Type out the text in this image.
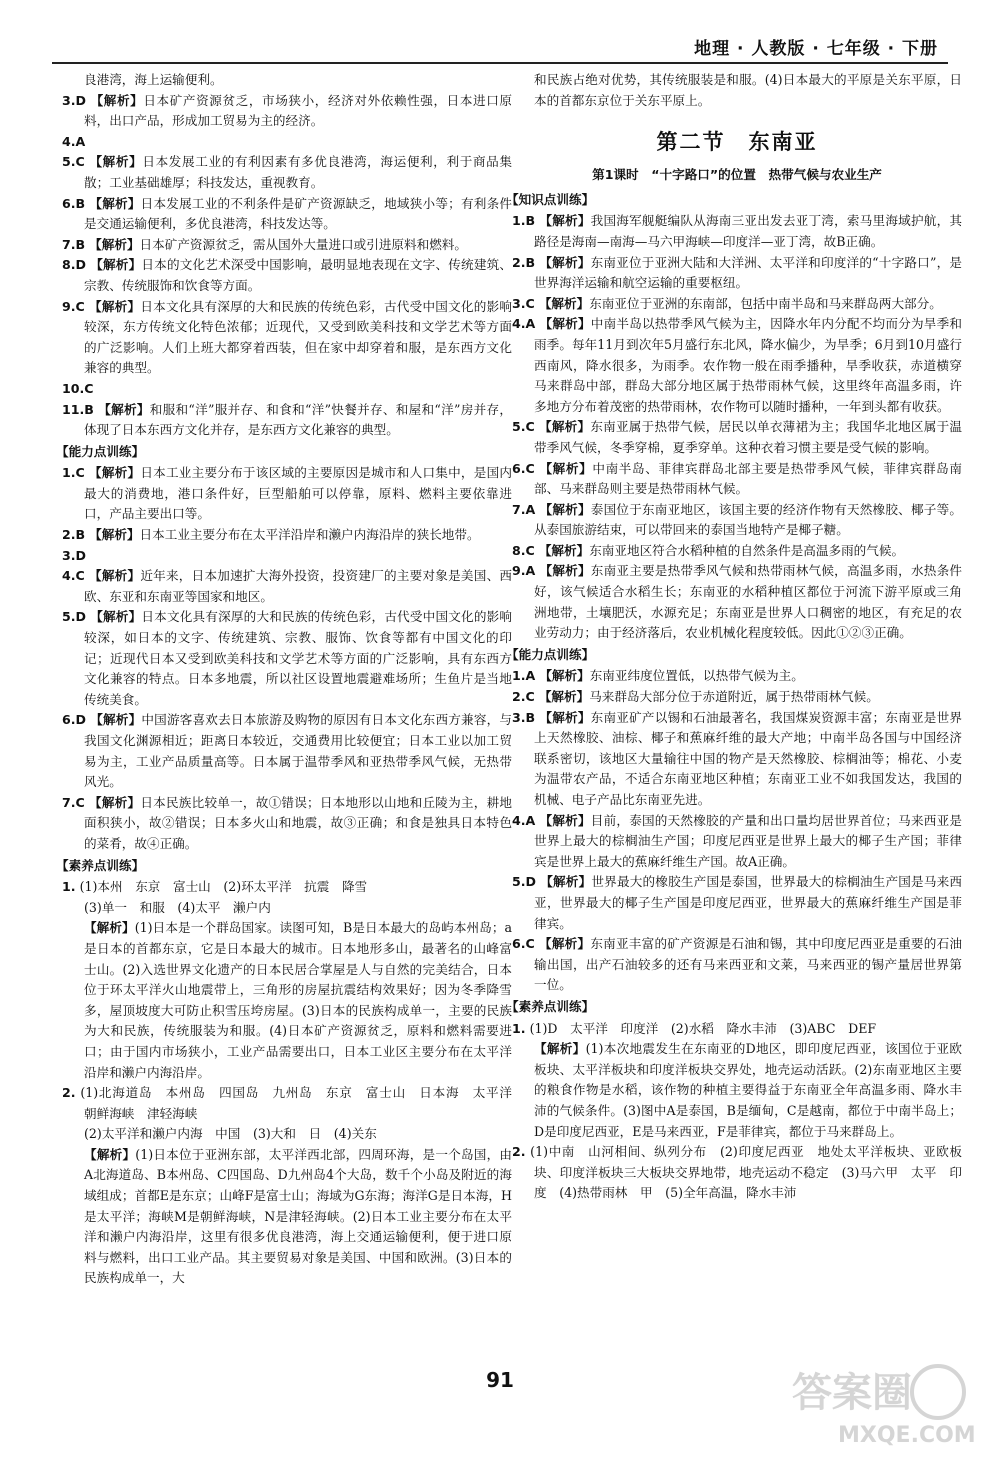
地理 · 人教版 · 七年级 · 下册

良港湾，海上运输便利。

3.D 【解析】日本矿产资源贫乏，市场狭小，经济对外依赖性强，日本进口原料，出口产品，形成加工贸易为主的经济。

4.A

5.C 【解析】日本发展工业的有利因素有多优良港湾，海运便利，利于商品集散；工业基础雄厚；科技发达，重视教育。

6.B 【解析】日本发展工业的不利条件是矿产资源缺乏，地域狭小等；有利条件是交通运输便利，多优良港湾，科技发达等。

7.B 【解析】日本矿产资源贫乏，需从国外大量进口或引进原料和燃料。

8.D 【解析】日本的文化艺术深受中国影响，最明显地表现在文字、传统建筑、宗教、传统服饰和饮食等方面。

9.C 【解析】日本文化具有深厚的大和民族的传统色彩，古代受中国文化的影响较深，东方传统文化特色浓郁；近现代，又受到欧美科技和文学艺术等方面的广泛影响。人们上班大都穿着西装，但在家中却穿着和服，是东西方文化兼容的典型。

10.C

11.B 【解析】和服和“洋”服并存、和食和“洋”快餐并存、和屋和“洋”房并存，体现了日本东西方文化并存，是东西方文化兼容的典型。

【能力点训练】

1.C 【解析】日本工业主要分布于该区域的主要原因是城市和人口集中，是国内最大的消费地，港口条件好，巨型船舶可以停靠，原料、燃料主要依靠进口，产品主要出口等。

2.B 【解析】日本工业主要分布在太平洋沿岸和濑户内海沿岸的狭长地带。

3.D

4.C 【解析】近年来，日本加速扩大海外投资，投资建厂的主要对象是美国、西欧、东亚和东南亚等国家和地区。

5.D 【解析】日本文化具有深厚的大和民族的传统色彩，古代受中国文化的影响较深，如日本的文字、传统建筑、宗教、服饰、饮食等都有中国文化的印记；近现代日本又受到欧美科技和文学艺术等方面的广泛影响，具有东西方文化兼容的特点。日本多地震，所以社区设置地震避难场所；生鱼片是当地传统美食。

6.D 【解析】中国游客喜欢去日本旅游及购物的原因有日本文化东西方兼容，与我国文化渊源相近；距离日本较近，交通费用比较便宜；日本工业以加工贸易为主，工业产品质量高等。日本属于温带季风和亚热带季风气候，无热带风光。

7.C 【解析】日本民族比较单一，故①错误；日本地形以山地和丘陵为主，耕地面积狭小，故②错误；日本多火山和地震，故③正确；和食是独具日本特色的菜肴，故④正确。

【素养点训练】

1. (1)本州　东京　富士山　(2)环太平洋　抗震　降雪

(3)单一　和服　(4)太平　濑户内

【解析】(1)日本是一个群岛国家。读图可知，B是日本最大的岛屿本州岛；a是日本的首都东京，它是日本最大的城市。日本地形多山，最著名的山峰富士山。(2)入选世界文化遗产的日本民居合掌屋是人与自然的完美结合，日本位于环太平洋火山地震带上，三角形的房屋抗震结构效果好；因为冬季降雪多，屋顶坡度大可防止积雪压垮房屋。(3)日本的民族构成单一，主要的民族为大和民族，传统服装为和服。(4)日本矿产资源贫乏，原料和燃料需要进口；由于国内市场狭小，工业产品需要出口，日本工业区主要分布在太平洋沿岸和濑户内海沿岸。

2. (1)北海道岛　本州岛　四国岛　九州岛　东京　富士山　日本海　太平洋　朝鲜海峡　津轻海峡

(2)太平洋和濑户内海　中国　(3)大和　日　(4)关东

【解析】(1)日本位于亚洲东部，太平洋西北部，四周环海，是一个岛国，由A北海道岛、B本州岛、C四国岛、D九州岛4个大岛，数千个小岛及附近的海域组成；首都E是东京；山峰F是富士山；海域为G东海；海洋G是日本海，H是太平洋；海峡M是朝鲜海峡，N是津轻海峡。(2)日本工业主要分布在太平洋和濑户内海沿岸，这里有很多优良港湾，海上交通运输便利，便于进口原料与燃料，出口工业产品。其主要贸易对象是美国、中国和欧洲。(3)日本的民族构成单一，大

和民族占绝对优势，其传统服装是和服。(4)日本最大的平原是关东平原，日本的首都东京位于关东平原上。

第二节　东南亚

第1课时　“十字路口”的位置　热带气候与农业生产

【知识点训练】

1.B 【解析】我国海军舰艇编队从海南三亚出发去亚丁湾，索马里海域护航，其路径是海南—南海—马六甲海峡—印度洋—亚丁湾，故B正确。

2.B 【解析】东南亚位于亚洲大陆和大洋洲、太平洋和印度洋的“十字路口”，是世界海洋运输和航空运输的重要枢纽。

3.C 【解析】东南亚位于亚洲的东南部，包括中南半岛和马来群岛两大部分。

4.A 【解析】中南半岛以热带季风气候为主，因降水年内分配不均而分为旱季和雨季。每年11月到次年5月盛行东北风，降水偏少，为旱季；6月到10月盛行西南风，降水很多，为雨季。农作物一般在雨季播种，旱季收获，赤道横穿马来群岛中部，群岛大部分地区属于热带雨林气候，这里终年高温多雨，许多地方分布着茂密的热带雨林，农作物可以随时播种，一年到头都有收获。

5.C 【解析】东南亚属于热带气候，居民以单衣薄裙为主；我国华北地区属于温带季风气候，冬季穿棉，夏季穿单。这种衣着习惯主要是受气候的影响。

6.C 【解析】中南半岛、菲律宾群岛北部主要是热带季风气候，菲律宾群岛南部、马来群岛则主要是热带雨林气候。

7.A 【解析】泰国位于东南亚地区，该国主要的经济作物有天然橡胶、椰子等。从泰国旅游结束，可以带回来的泰国当地特产是椰子糖。

8.C 【解析】东南亚地区符合水稻种植的自然条件是高温多雨的气候。

9.A 【解析】东南亚主要是热带季风气候和热带雨林气候，高温多雨，水热条件好，该气候适合水稻生长；东南亚的水稻种植区都位于河流下游平原或三角洲地带，土壤肥沃，水源充足；东南亚是世界人口稠密的地区，有充足的农业劳动力；由于经济落后，农业机械化程度较低。因此①②③正确。

【能力点训练】

1.A 【解析】东南亚纬度位置低，以热带气候为主。

2.C 【解析】马来群岛大部分位于赤道附近，属于热带雨林气候。

3.B 【解析】东南亚矿产以锡和石油最著名，我国煤炭资源丰富；东南亚是世界上天然橡胶、油棕、椰子和蕉麻纤维的最大产地；中南半岛各国与中国经济联系密切，该地区大量输往中国的物产是天然橡胶、棕榈油等；棉花、小麦为温带农产品，不适合东南亚地区种植；东南亚工业不如我国发达，我国的机械、电子产品比东南亚先进。

4.A 【解析】目前，泰国的天然橡胶的产量和出口量均居世界首位；马来西亚是世界上最大的棕榈油生产国；印度尼西亚是世界上最大的椰子生产国；菲律宾是世界上最大的蕉麻纤维生产国。故A正确。

5.D 【解析】世界最大的橡胶生产国是泰国，世界最大的棕榈油生产国是马来西亚，世界最大的椰子生产国是印度尼西亚，世界最大的蕉麻纤维生产国是菲律宾。

6.C 【解析】东南亚丰富的矿产资源是石油和锡，其中印度尼西亚是重要的石油输出国，出产石油较多的还有马来西亚和文莱，马来西亚的锡产量居世界第一位。

【素养点训练】

1. (1)D　太平洋　印度洋　(2)水稻　降水丰沛　(3)ABC　DEF

【解析】(1)本次地震发生在东南亚的D地区，即印度尼西亚，该国位于亚欧板块、太平洋板块和印度洋板块交界处，地壳运动活跃。(2)东南亚地区主要的粮食作物是水稻，该作物的种植主要得益于东南亚全年高温多雨、降水丰沛的气候条件。(3)图中A是泰国，B是缅甸，C是越南，都位于中南半岛上；D是印度尼西亚，E是马来西亚，F是菲律宾，都位于马来群岛上。

2. (1)中南　山河相间、纵列分布　(2)印度尼西亚　地处太平洋板块、亚欧板块、印度洋板块三大板块交界地带，地壳运动不稳定　(3)马六甲　太平　印度　(4)热带雨林　甲　(5)全年高温，降水丰沛

91	答案圈
MXQE.COM
